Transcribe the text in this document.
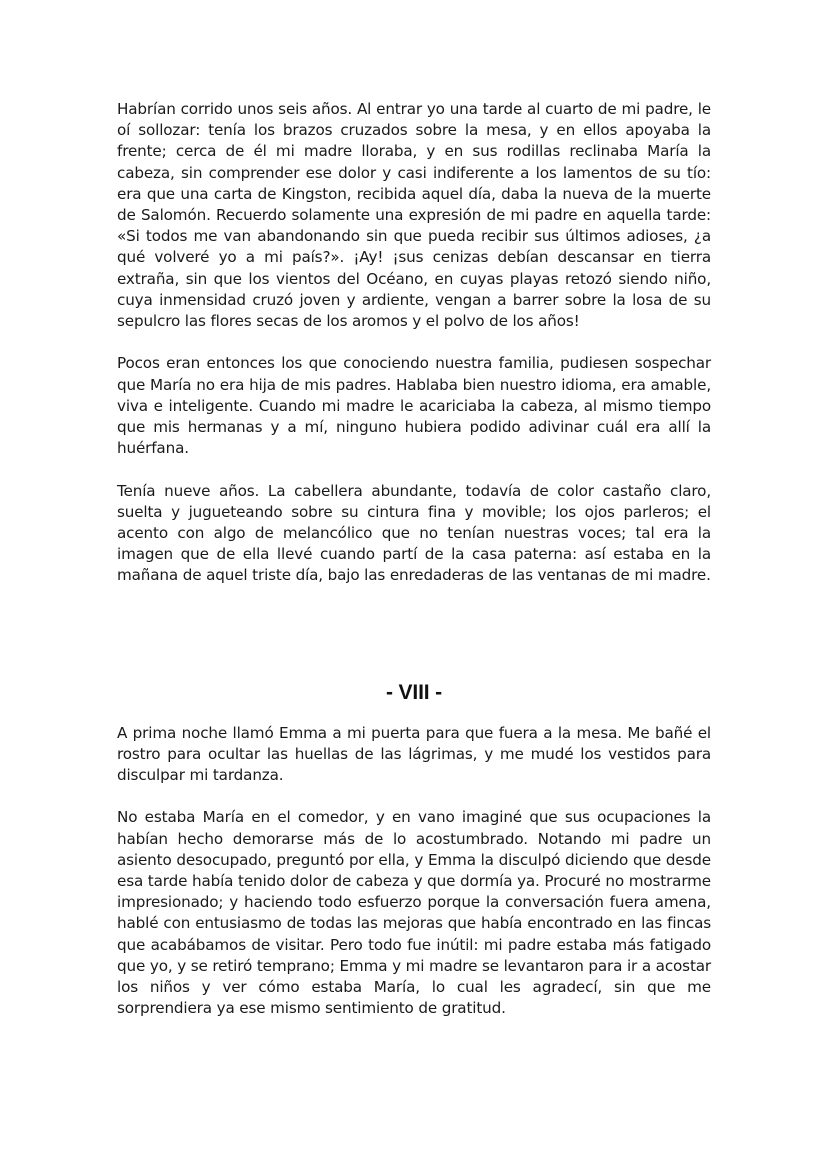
Habrían corrido unos seis años. Al entrar yo una tarde al cuarto de mi padre, le oí sollozar: tenía los brazos cruzados sobre la mesa, y en ellos apoyaba la frente; cerca de él mi madre lloraba, y en sus rodillas reclinaba María la cabeza, sin comprender ese dolor y casi indiferente a los lamentos de su tío: era que una carta de Kingston, recibida aquel día, daba la nueva de la muerte de Salomón. Recuerdo solamente una expresión de mi padre en aquella tarde: «Si todos me van abandonando sin que pueda recibir sus últimos adioses, ¿a qué volveré yo a mi país?». ¡Ay! ¡sus cenizas debían descansar en tierra extraña, sin que los vientos del Océano, en cuyas playas retozó siendo niño, cuya inmensidad cruzó joven y ardiente, vengan a barrer sobre la losa de su sepulcro las flores secas de los aromos y el polvo de los años!

Pocos eran entonces los que conociendo nuestra familia, pudiesen sospechar que María no era hija de mis padres. Hablaba bien nuestro idioma, era amable, viva e inteligente. Cuando mi madre le acariciaba la cabeza, al mismo tiempo que mis hermanas y a mí, ninguno hubiera podido adivinar cuál era allí la huérfana.

Tenía nueve años. La cabellera abundante, todavía de color castaño claro, suelta y jugueteando sobre su cintura fina y movible; los ojos parleros; el acento con algo de melancólico que no tenían nuestras voces; tal era la imagen que de ella llevé cuando partí de la casa paterna: así estaba en la mañana de aquel triste día, bajo las enredaderas de las ventanas de mi madre.

- VIII -

A prima noche llamó Emma a mi puerta para que fuera a la mesa. Me bañé el rostro para ocultar las huellas de las lágrimas, y me mudé los vestidos para disculpar mi tardanza.

No estaba María en el comedor, y en vano imaginé que sus ocupaciones la habían hecho demorarse más de lo acostumbrado. Notando mi padre un asiento desocupado, preguntó por ella, y Emma la disculpó diciendo que desde esa tarde había tenido dolor de cabeza y que dormía ya. Procuré no mostrarme impresionado; y haciendo todo esfuerzo porque la conversación fuera amena, hablé con entusiasmo de todas las mejoras que había encontrado en las fincas que acabábamos de visitar. Pero todo fue inútil: mi padre estaba más fatigado que yo, y se retiró temprano; Emma y mi madre se levantaron para ir a acostar los niños y ver cómo estaba María, lo cual les agradecí, sin que me sorprendiera ya ese mismo sentimiento de gratitud.
